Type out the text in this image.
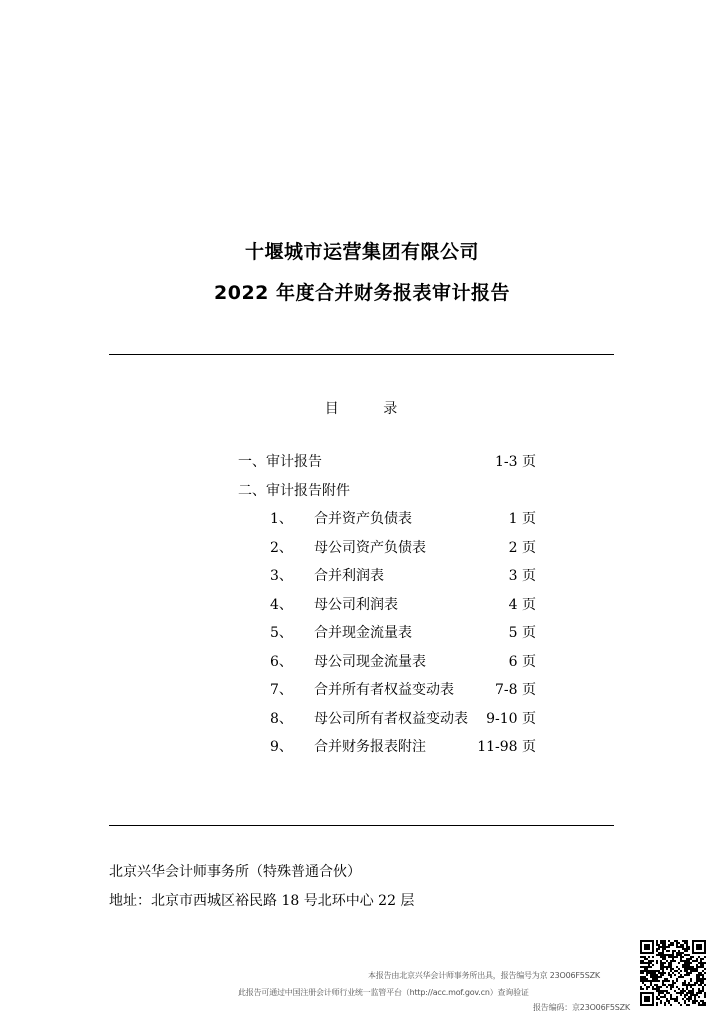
十堰城市运营集团有限公司
2022 年度合并财务报表审计报告
目	录
一、审计报告	1-3 页
二、审计报告附件
1、 合并资产负债表	1 页
2、 母公司资产负债表	2 页
3、 合并利润表	3 页
4、 母公司利润表	4 页
5、 合并现金流量表	5 页
6、 母公司现金流量表	6 页
7、 合并所有者权益变动表	7-8 页
8、 母公司所有者权益变动表 9-10 页
9、 合并财务报表附注	11-98 页
北京兴华会计师事务所（特殊普通合伙）
地址：北京市西城区裕民路 18 号北环中心 22 层
本报告由北京兴华会计师事务所出具，报告编号为京 23O06F5SZK
此报告可通过中国注册会计师行业统一监管平台（http://acc.mof.gov.cn）查询验证
报告编码：京23O06F5SZK
